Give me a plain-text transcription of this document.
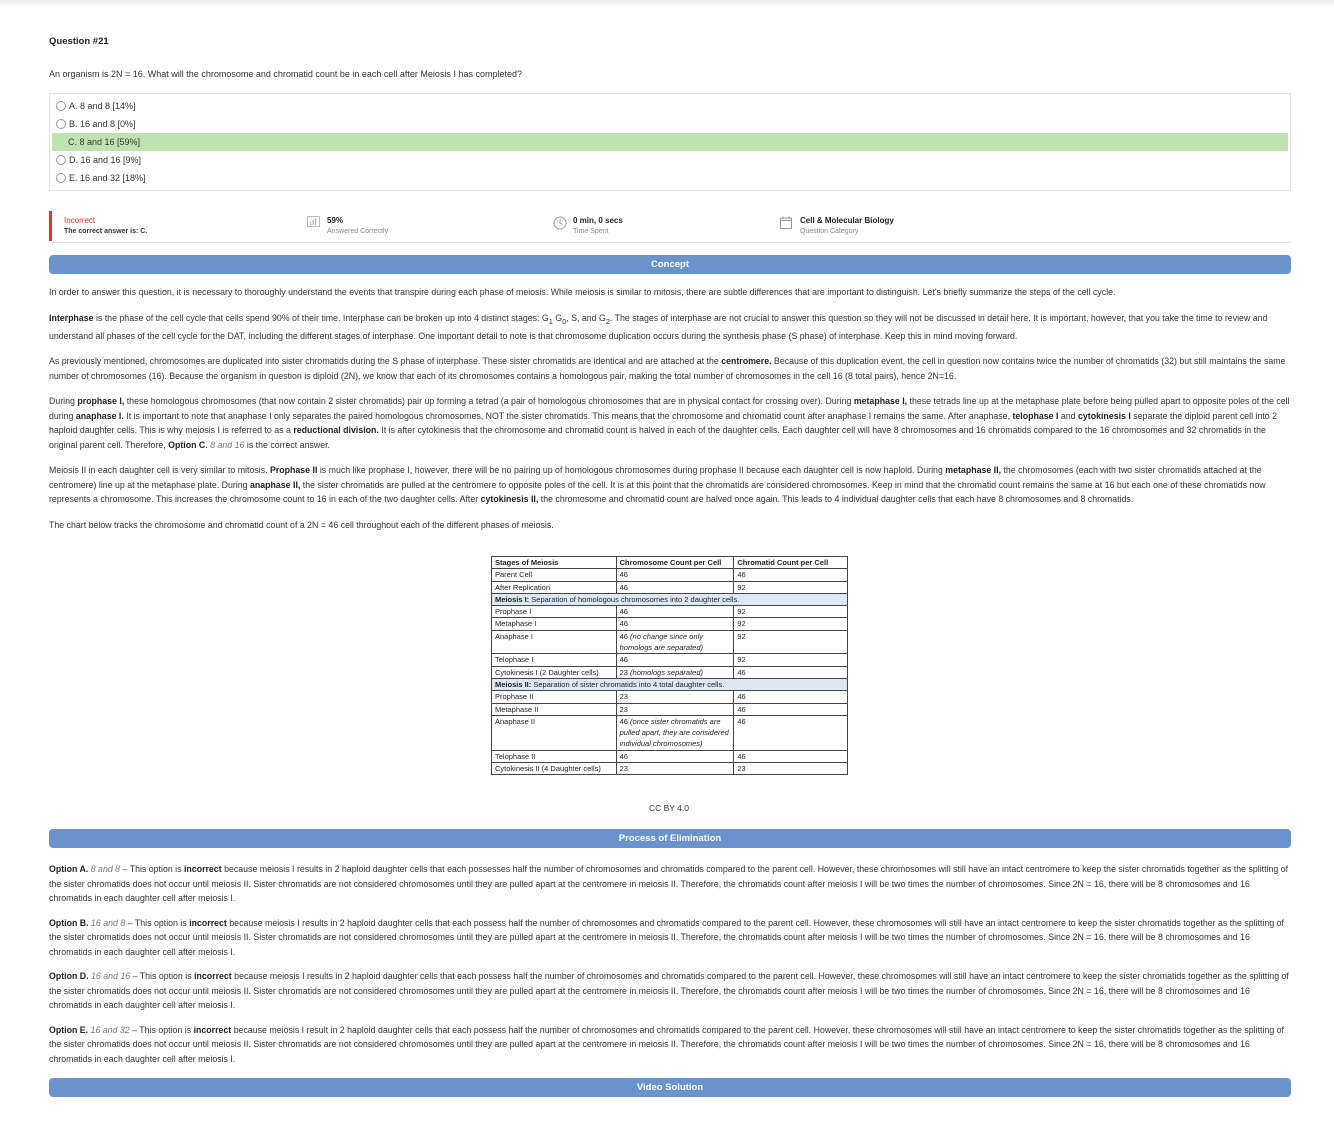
Question #21
An organism is 2N = 16. What will the chromosome and chromatid count be in each cell after Meiosis I has completed?
A. 8 and 8 [14%]
B. 16 and 8 [0%]
C. 8 and 16 [59%]
D. 16 and 16 [9%]
E. 16 and 32 [18%]
Incorrect
The correct answer is: C.
59%
Answered Correctly
0 min, 0 secs
Time Spent
Cell & Molecular Biology
Question Category
Concept

In order to answer this question, it is necessary to thoroughly understand the events that transpire during each phase of meiosis. While meiosis is similar to mitosis, there are subtle differences that are important to distinguish. Let's briefly summarize the steps of the cell cycle.

Interphase is the phase of the cell cycle that cells spend 90% of their time. Interphase can be broken up into 4 distinct stages: $G_1$ $G_0$, S, and $G_2$. The stages of interphase are not crucial to answer this question so they will not be discussed in detail here. It is important, however, that you take the time to review and understand all phases of the cell cycle for the DAT, including the different stages of interphase. One important detail to note is that chromosome duplication occurs during the synthesis phase (S phase) of interphase. Keep this in mind moving forward.

As previously mentioned, chromosomes are duplicated into sister chromatids during the S phase of interphase. These sister chromatids are identical and are attached at the centromere. Because of this duplication event, the cell in question now contains twice the number of chromatids (32) but still maintains the same number of chromosomes (16). Because the organism in question is diploid (2N), we know that each of its chromosomes contains a homologous pair, making the total number of chromosomes in the cell 16 (8 total pairs), hence 2N=16.

During prophase I, these homologous chromosomes (that now contain 2 sister chromatids) pair up forming a tetrad (a pair of homologous chromosomes that are in physical contact for crossing over). During metaphase I, these tetrads line up at the metaphase plate before being pulled apart to opposite poles of the cell during anaphase I. It is important to note that anaphase I only separates the paired homologous chromosomes, NOT the sister chromatids. This means that the chromosome and chromatid count after anaphase I remains the same. After anaphase, telophase I and cytokinesis I separate the diploid parent cell into 2 haploid daughter cells. This is why meiosis I is referred to as a reductional division. It is after cytokinesis that the chromosome and chromatid count is halved in each of the daughter cells. Each daughter cell will have 8 chromosomes and 16 chromatids compared to the 16 chromosomes and 32 chromatids in the original parent cell. Therefore, Option C. 8 and 16 is the correct answer.

Meiosis II in each daughter cell is very similar to mitosis. Prophase II is much like prophase I, however, there will be no pairing up of homologous chromosomes during prophase II because each daughter cell is now haploid. During metaphase II, the chromosomes (each with two sister chromatids attached at the centromere) line up at the metaphase plate. During anaphase II, the sister chromatids are pulled at the centromere to opposite poles of the cell. It is at this point that the chromatids are considered chromosomes. Keep in mind that the chromatid count remains the same at 16 but each one of these chromatids now represents a chromosome. This increases the chromosome count to 16 in each of the two daughter cells. After cytokinesis II, the chromosome and chromatid count are halved once again. This leads to 4 individual daughter cells that each have 8 chromosomes and 8 chromatids.

The chart below tracks the chromosome and chromatid count of a 2N = 46 cell throughout each of the different phases of meiosis.

Stages of Meiosis	Chromosome Count per Cell	Chromatid Count per Cell
Parent Cell	46	46
After Replication	46	92
Meiosis I: Separation of homologous chromosomes into 2 daughter cells.		
Prophase I	46	92
Metaphase I	46	92
Anaphase I	46 (no change since only homologs are separated)	92
Telophase I	46	92
Cytokinesis I (2 Daughter cells)	23 (homologs separated)	46
Meiosis II: Separation of sister chromatids into 4 total daughter cells.		
Prophase II	23	46
Metaphase II	23	46
Anaphase II	46 (once sister chromatids are pulled apart, they are considered individual chromosomes)	46
Telophase II	46	46
Cytokinesis II (4 Daughter cells)	23	23
CC BY 4.0
Process of Elimination

Option A. 8 and 8 – This option is incorrect because meiosis I results in 2 haploid daughter cells that each possesses half the number of chromosomes and chromatids compared to the parent cell. However, these chromosomes will still have an intact centromere to keep the sister chromatids together as the splitting of the sister chromatids does not occur until meiosis II. Sister chromatids are not considered chromosomes until they are pulled apart at the centromere in meiosis II. Therefore, the chromatids count after meiosis I will be two times the number of chromosomes. Since 2N = 16, there will be 8 chromosomes and 16 chromatids in each daughter cell after meiosis I.

Option B. 16 and 8 – This option is incorrect because meiosis I results in 2 haploid daughter cells that each possess half the number of chromosomes and chromatids compared to the parent cell. However, these chromosomes will still have an intact centromere to keep the sister chromatids together as the splitting of the sister chromatids does not occur until meiosis II. Sister chromatids are not considered chromosomes until they are pulled apart at the centromere in meiosis II. Therefore, the chromatids count after meiosis I will be two times the number of chromosomes. Since 2N = 16, there will be 8 chromosomes and 16 chromatids in each daughter cell after meiosis I.

Option D. 16 and 16 – This option is incorrect because meiosis I results in 2 haploid daughter cells that each possess half the number of chromosomes and chromatids compared to the parent cell. However, these chromosomes will still have an intact centromere to keep the sister chromatids together as the splitting of the sister chromatids does not occur until meiosis II. Sister chromatids are not considered chromosomes until they are pulled apart at the centromere in meiosis II. Therefore, the chromatids count after meiosis I will be two times the number of chromosomes. Since 2N = 16, there will be 8 chromosomes and 16 chromatids in each daughter cell after meiosis I.

Option E. 16 and 32 – This option is incorrect because meiosis I result in 2 haploid daughter cells that each possess half the number of chromosomes and chromatids compared to the parent cell. However, these chromosomes will still have an intact centromere to keep the sister chromatids together as the splitting of the sister chromatids does not occur until meiosis II. Sister chromatids are not considered chromosomes until they are pulled apart at the centromere in meiosis II. Therefore, the chromatids count after meiosis I will be two times the number of chromosomes. Since 2N = 16, there will be 8 chromosomes and 16 chromatids in each daughter cell after meiosis I.

Video Solution
